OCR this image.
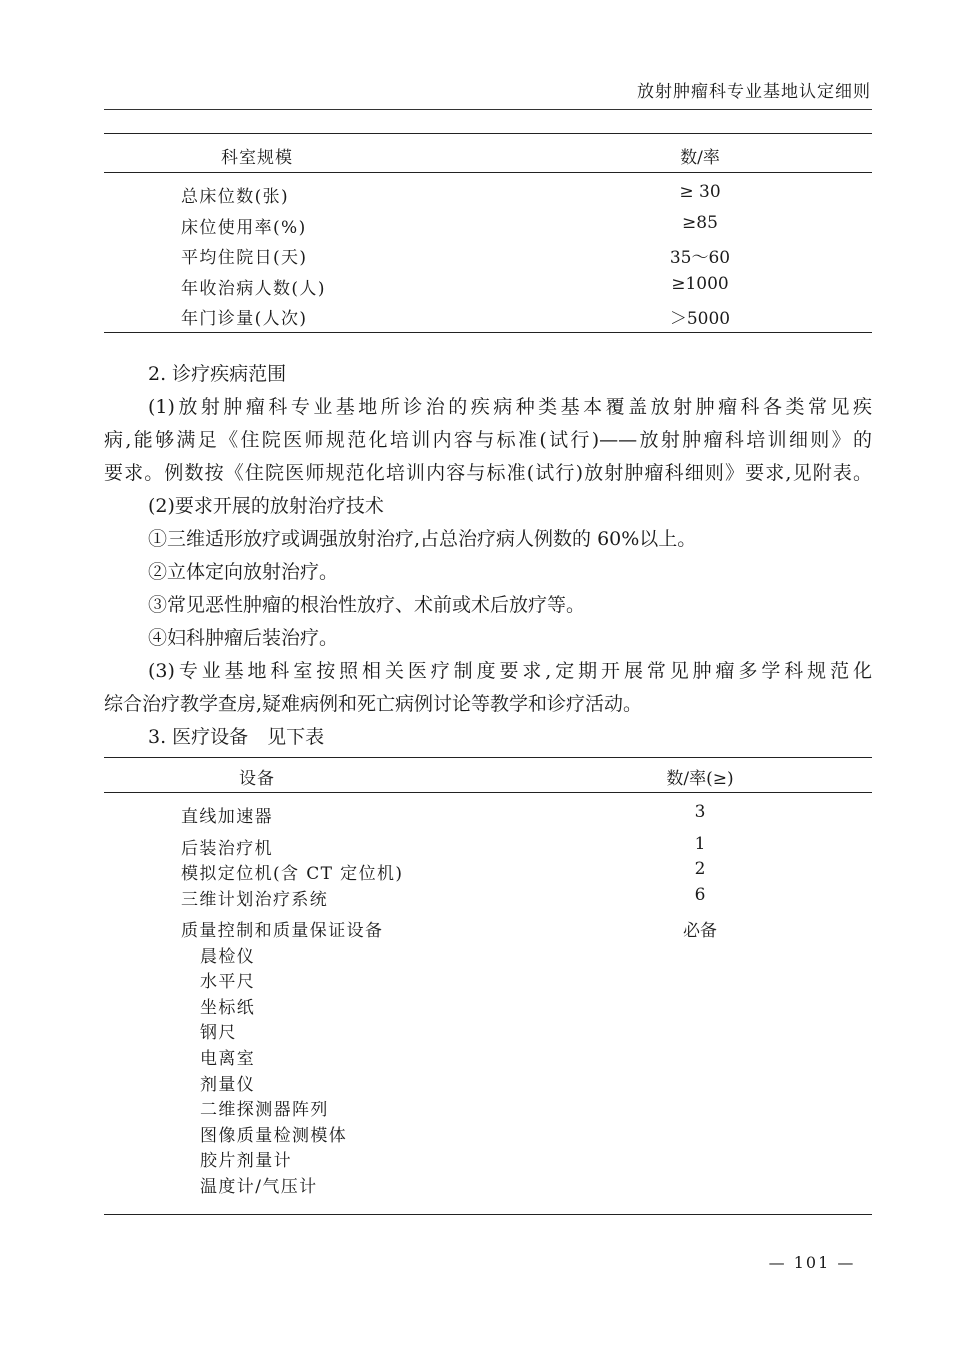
放射肿瘤科专业基地认定细则
科室规模	数/率
总床位数(张)	≥ 30
床位使用率(%)	≥85
平均住院日(天)	35～60
年收治病人数(人)	≥1000
年门诊量(人次)	＞5000
2. 诊疗疾病范围
(1)放射肿瘤科专业基地所诊治的疾病种类基本覆盖放射肿瘤科各类常见疾
病,能够满足《住院医师规范化培训内容与标准(试行)——放射肿瘤科培训细则》的
要求。例数按《住院医师规范化培训内容与标准(试行)放射肿瘤科细则》要求,见附表。
(2)要求开展的放射治疗技术
①三维适形放疗或调强放射治疗,占总治疗病人例数的 60%以上。
②立体定向放射治疗。
③常见恶性肿瘤的根治性放疗、术前或术后放疗等。
④妇科肿瘤后装治疗。
(3)专业基地科室按照相关医疗制度要求,定期开展常见肿瘤多学科规范化
综合治疗教学查房,疑难病例和死亡病例讨论等教学和诊疗活动。
3. 医疗设备　见下表
设备	数/率(≥)
直线加速器	3
后装治疗机	1
模拟定位机(含 CT 定位机)	2
三维计划治疗系统	6
质量控制和质量保证设备	必备
晨检仪
水平尺
坐标纸
钢尺
电离室
剂量仪
二维探测器阵列
图像质量检测模体
胶片剂量计
温度计/气压计
— 101 —
